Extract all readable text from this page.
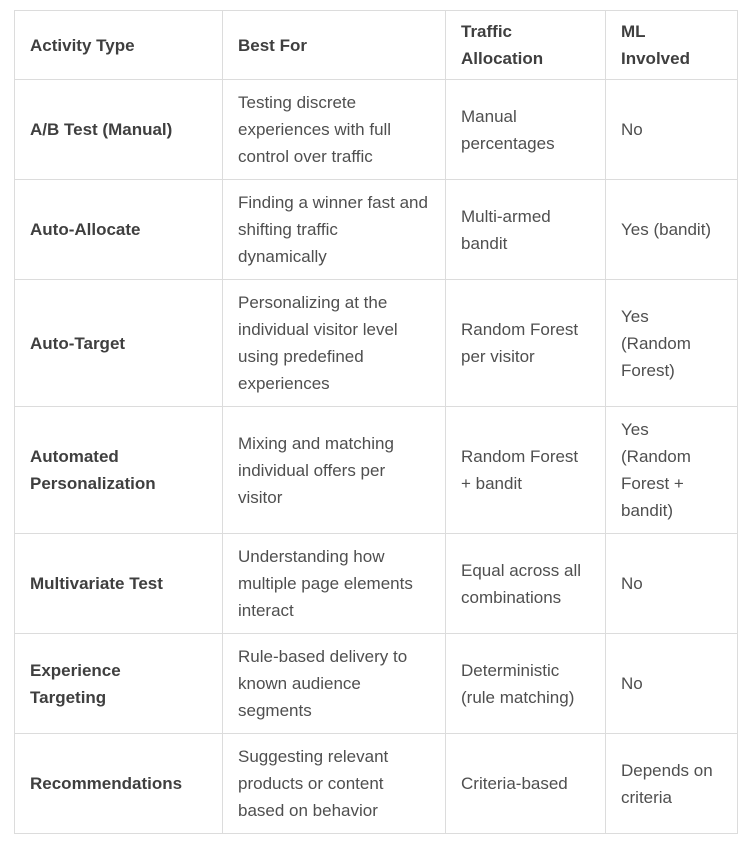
Activity Type	Best For	Traffic Allocation	ML Involved
A/B Test (Manual)	Testing discrete experiences with full control over traffic	Manual percentages	No
Auto-Allocate	Finding a winner fast and shifting traffic dynamically	Multi-armed bandit	Yes (bandit)
Auto-Target	Personalizing at the individual visitor level using predefined experiences	Random Forest per visitor	Yes (Random Forest)
Automated Personalization	Mixing and matching individual offers per visitor	Random Forest + bandit	Yes (Random Forest + bandit)
Multivariate Test	Understanding how multiple page elements interact	Equal across all combinations	No
Experience Targeting	Rule-based delivery to known audience segments	Deterministic (rule matching)	No
Recommendations	Suggesting relevant products or content based on behavior	Criteria-based	Depends on criteria
